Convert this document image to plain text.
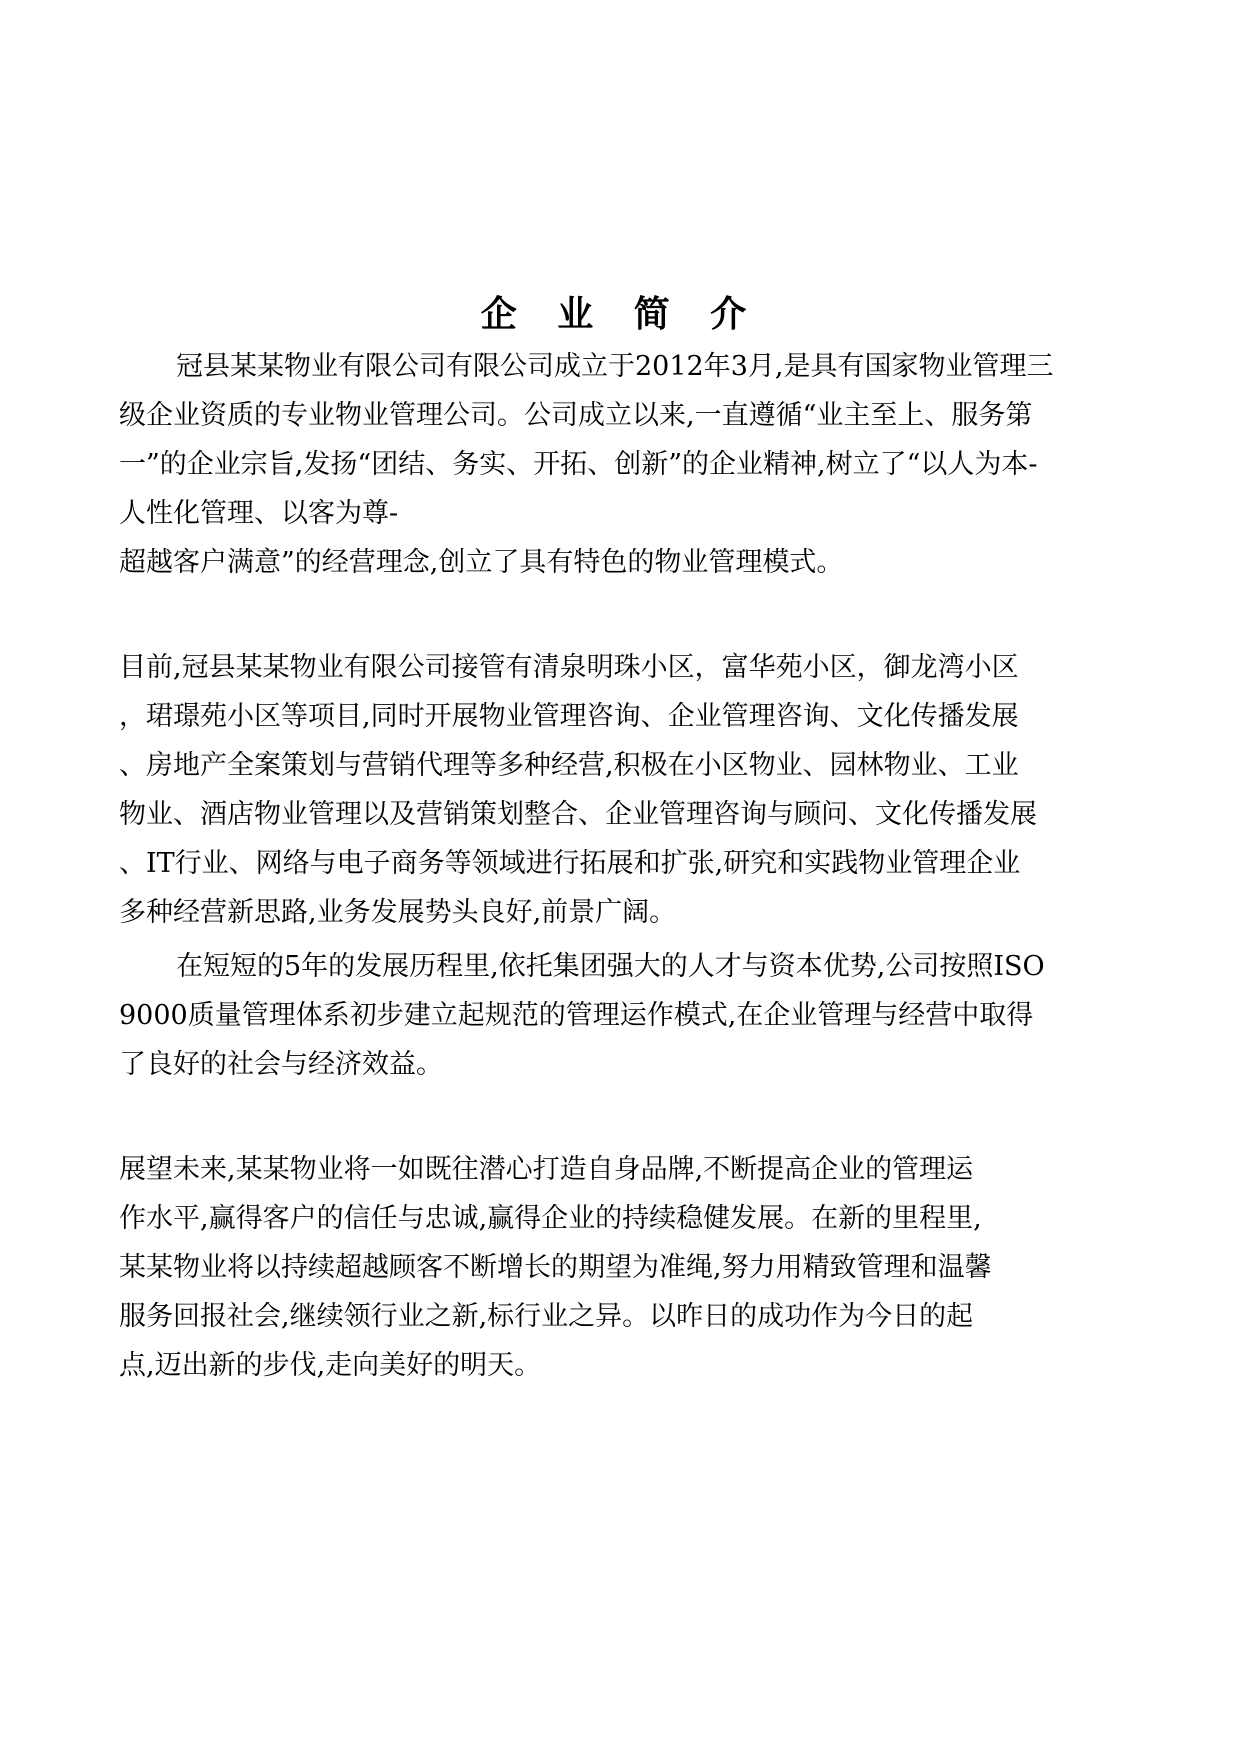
企 业 简 介

冠县某某物业有限公司有限公司成立于2012年3月,是具有国家物业管理三

级企业资质的专业物业管理公司。公司成立以来,一直遵循“业主至上、服务第

一”的企业宗旨,发扬“团结、务实、开拓、创新”的企业精神,树立了“以人为本-

人性化管理、以客为尊-

超越客户满意”的经营理念,创立了具有特色的物业管理模式。

目前,冠县某某物业有限公司接管有清泉明珠小区，富华苑小区，御龙湾小区

，珺璟苑小区等项目,同时开展物业管理咨询、企业管理咨询、文化传播发展

、房地产全案策划与营销代理等多种经营,积极在小区物业、园林物业、工业

物业、酒店物业管理以及营销策划整合、企业管理咨询与顾问、文化传播发展

、IT行业、网络与电子商务等领域进行拓展和扩张,研究和实践物业管理企业

多种经营新思路,业务发展势头良好,前景广阔。

在短短的5年的发展历程里,依托集团强大的人才与资本优势,公司按照ISO

9000质量管理体系初步建立起规范的管理运作模式,在企业管理与经营中取得

了良好的社会与经济效益。

展望未来,某某物业将一如既往潜心打造自身品牌,不断提高企业的管理运

作水平,赢得客户的信任与忠诚,赢得企业的持续稳健发展。在新的里程里,

某某物业将以持续超越顾客不断增长的期望为准绳,努力用精致管理和温馨

服务回报社会,继续领行业之新,标行业之异。以昨日的成功作为今日的起

点,迈出新的步伐,走向美好的明天。
